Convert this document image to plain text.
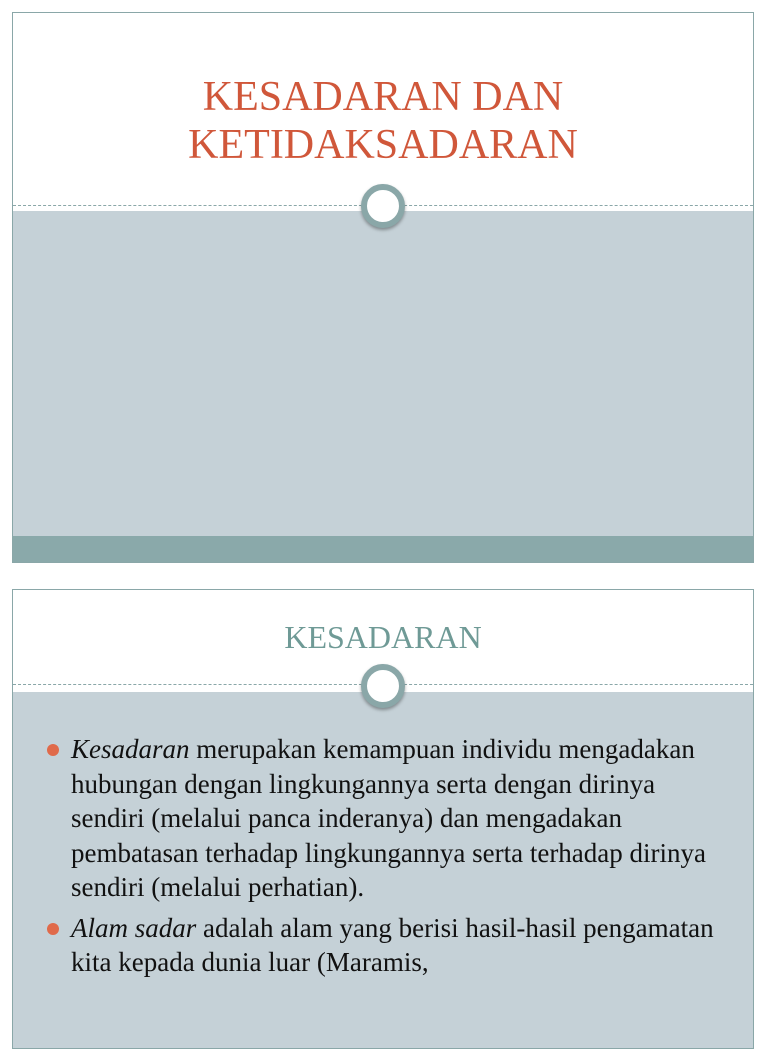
KESADARAN DAN
KETIDAKSADARAN
KESADARAN
Kesadaran merupakan kemampuan individu mengadakan hubungan dengan lingkungannya serta dengan dirinya sendiri (melalui panca inderanya) dan mengadakan pembatasan terhadap lingkungannya serta terhadap dirinya sendiri (melalui perhatian).
Alam sadar adalah alam yang berisi hasil-hasil pengamatan kita kepada dunia luar (Maramis,
